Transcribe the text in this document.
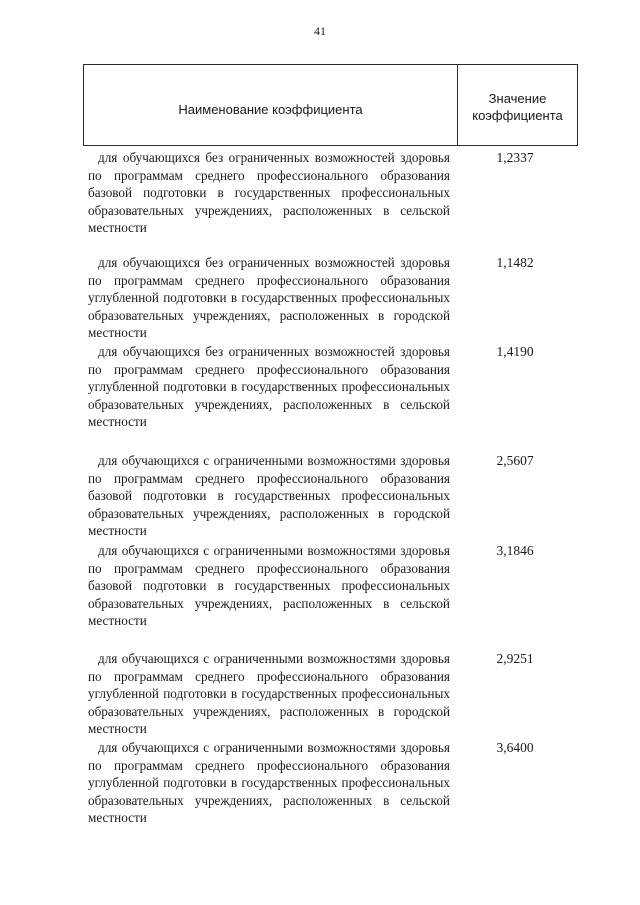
41
Наименование коэффициента
Значение
коэффициента
для обучающихся без ограниченных возможностей здоровья по программам среднего профессионального образования базовой подготовки в государственных профессиональных образовательных учреждениях, расположенных в сельской местности
1,2337
для обучающихся без ограниченных возможностей здоровья по программам среднего профессионального образования углубленной подготовки в государственных профессиональных образовательных учреждениях, расположенных в городской местности
1,1482
для обучающихся без ограниченных возможностей здоровья по программам среднего профессионального образования углубленной подготовки в государственных профессиональных образовательных учреждениях, расположенных в сельской местности
1,4190
для обучающихся с ограниченными возможностями здоровья по программам среднего профессионального образования базовой подготовки в государственных профессиональных образовательных учреждениях, расположенных в городской местности
2,5607
для обучающихся с ограниченными возможностями здоровья по программам среднего профессионального образования базовой подготовки в государственных профессиональных образовательных учреждениях, расположенных в сельской местности
3,1846
для обучающихся с ограниченными возможностями здоровья по программам среднего профессионального образования углубленной подготовки в государственных профессиональных образовательных учреждениях, расположенных в городской местности
2,9251
для обучающихся с ограниченными возможностями здоровья по программам среднего профессионального образования углубленной подготовки в государственных профессиональных образовательных учреждениях, расположенных в сельской местности
3,6400
